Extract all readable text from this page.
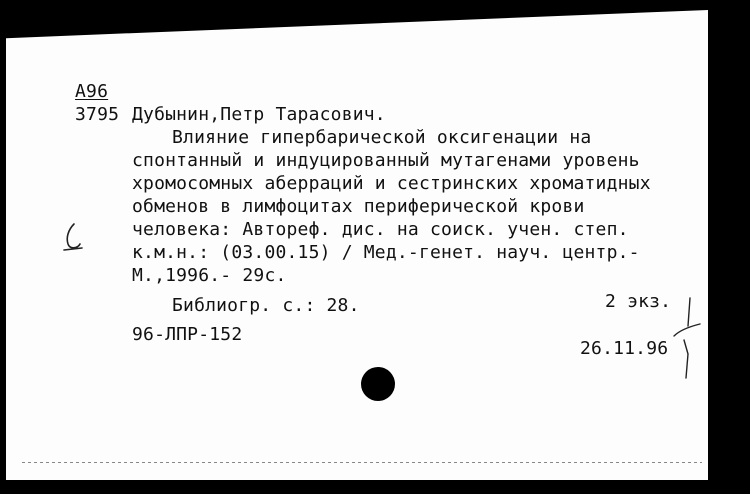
А96
3795 Дубынин,Петр Тарасович.
Влияние гипербарической оксигенации на
спонтанный и индуцированный мутагенами уровень
хромосомных аберраций и сестринских хроматидных
обменов в лимфоцитах периферической крови
человека: Автореф. дис. на соиск. учен. степ.
к.м.н.: (03.00.15) / Мед.-генет. науч. центр.-
М.,1996.- 29с.
Библиогр. с.: 28.	2 экз.
96-ЛПР-152
26.11.96
